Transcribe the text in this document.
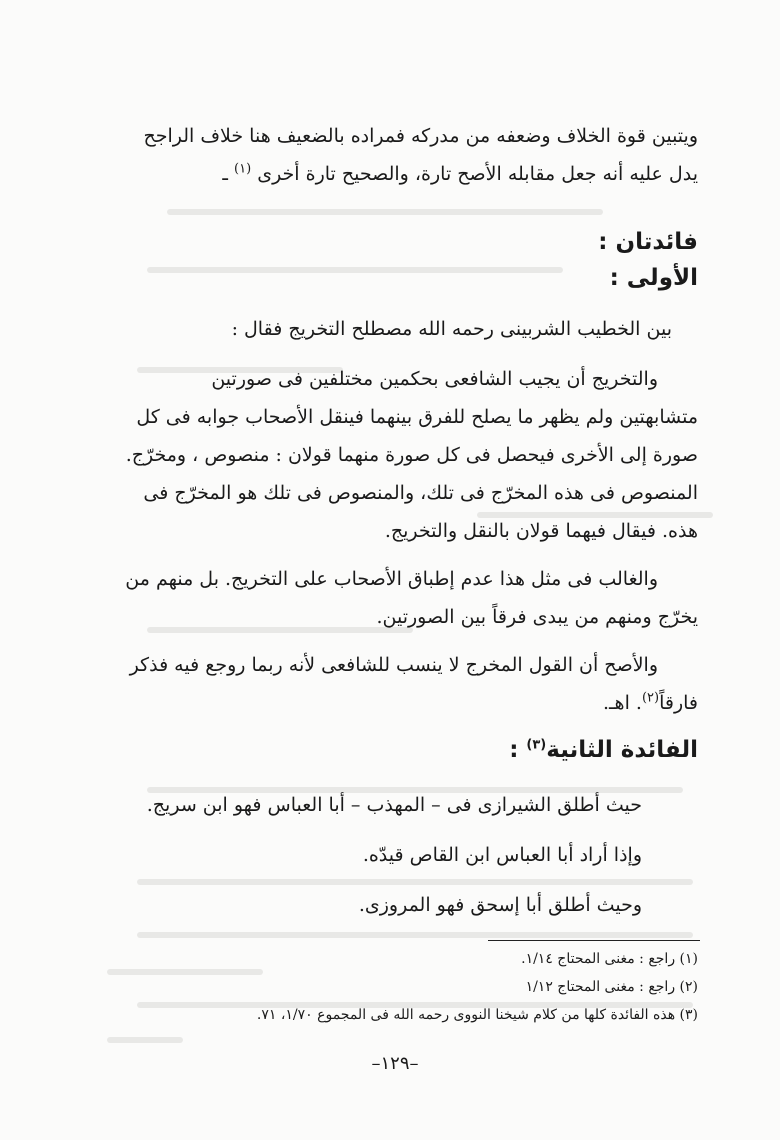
ويتبين قوة الخلاف وضعفه من مدركه فمراده بالضعيف هنا خلاف الراجح
يدل عليه أنه جعل مقابله الأصح تارة، والصحيح تارة أخرى $^{(١)}$ ـ
فائدتان :
الأولى :
بين الخطيب الشربينى رحمه الله مصطلح التخريج فقال :
والتخريج أن يجيب الشافعى بحكمين مختلفين فى صورتين
متشابهتين ولم يظهر ما يصلح للفرق بينهما فينقل الأصحاب جوابه فى كل
صورة إلى الأخرى فيحصل فى كل صورة منهما قولان : منصوص ، ومخرّج.
المنصوص فى هذه المخرّج فى تلك، والمنصوص فى تلك هو المخرّج فى
هذه. فيقال فيهما قولان بالنقل والتخريج.
والغالب فى مثل هذا عدم إطباق الأصحاب على التخريج. بل منهم من
يخرّج ومنهم من يبدى فرقاً بين الصورتين.
والأصح أن القول المخرج لا ينسب للشافعى لأنه ربما روجع فيه فذكر
فارقاً$^{(٢)}$. اهـ.
الفائدة الثانية$^{(٣)}$ :
حيث أطلق الشيرازى فى – المهذب – أبا العباس فهو ابن سريج.
وإذا أراد أبا العباس ابن القاص قيدّه.
وحيث أطلق أبا إسحق فهو المروزى.
(١) راجع : مغنى المحتاج ١/١٤.
(٢) راجع : مغنى المحتاج ١/١٢
(٣) هذه الفائدة كلها من كلام شيخنا النووى رحمه الله فى المجموع ١/٧٠، ٧١.
–١٢٩–
